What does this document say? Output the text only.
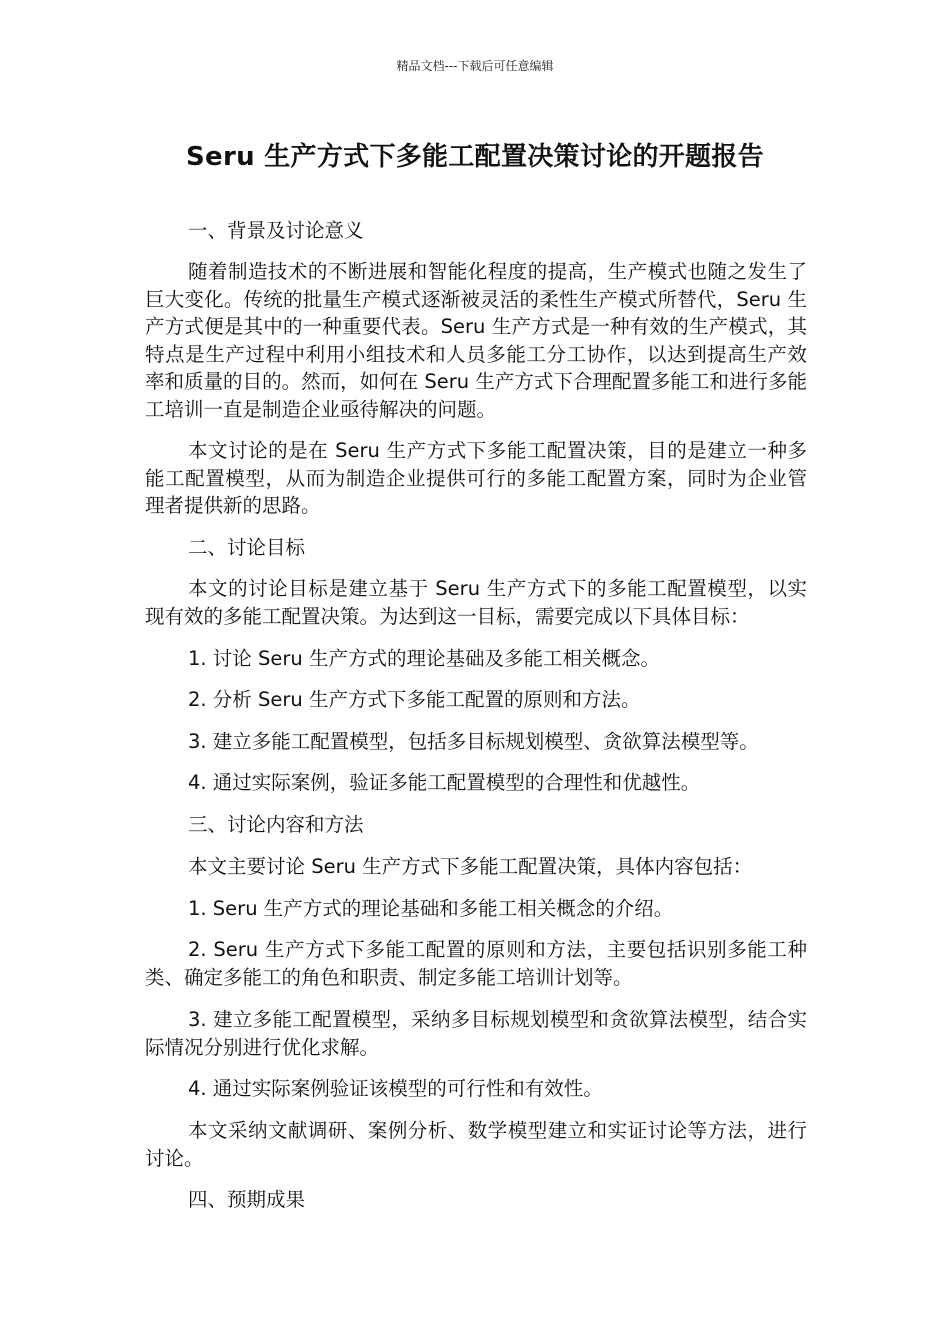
精品文档---下载后可任意编辑
Seru 生产方式下多能工配置决策讨论的开题报告
一、背景及讨论意义

随着制造技术的不断进展和智能化程度的提高，生产模式也随之发生了巨大变化。传统的批量生产模式逐渐被灵活的柔性生产模式所替代，Seru 生产方式便是其中的一种重要代表。Seru 生产方式是一种有效的生产模式，其特点是生产过程中利用小组技术和人员多能工分工协作，以达到提高生产效率和质量的目的。然而，如何在 Seru 生产方式下合理配置多能工和进行多能工培训一直是制造企业亟待解决的问题。

本文讨论的是在 Seru 生产方式下多能工配置决策，目的是建立一种多能工配置模型，从而为制造企业提供可行的多能工配置方案，同时为企业管理者提供新的思路。

二、讨论目标

本文的讨论目标是建立基于 Seru 生产方式下的多能工配置模型，以实现有效的多能工配置决策。为达到这一目标，需要完成以下具体目标：

1. 讨论 Seru 生产方式的理论基础及多能工相关概念。
2. 分析 Seru 生产方式下多能工配置的原则和方法。
3. 建立多能工配置模型，包括多目标规划模型、贪欲算法模型等。
4. 通过实际案例，验证多能工配置模型的合理性和优越性。
三、讨论内容和方法
本文主要讨论 Seru 生产方式下多能工配置决策，具体内容包括：
1. Seru 生产方式的理论基础和多能工相关概念的介绍。

2. Seru 生产方式下多能工配置的原则和方法，主要包括识别多能工种类、确定多能工的角色和职责、制定多能工培训计划等。

3. 建立多能工配置模型，采纳多目标规划模型和贪欲算法模型，结合实际情况分别进行优化求解。

4. 通过实际案例验证该模型的可行性和有效性。

本文采纳文献调研、案例分析、数学模型建立和实证讨论等方法，进行讨论。

四、预期成果
